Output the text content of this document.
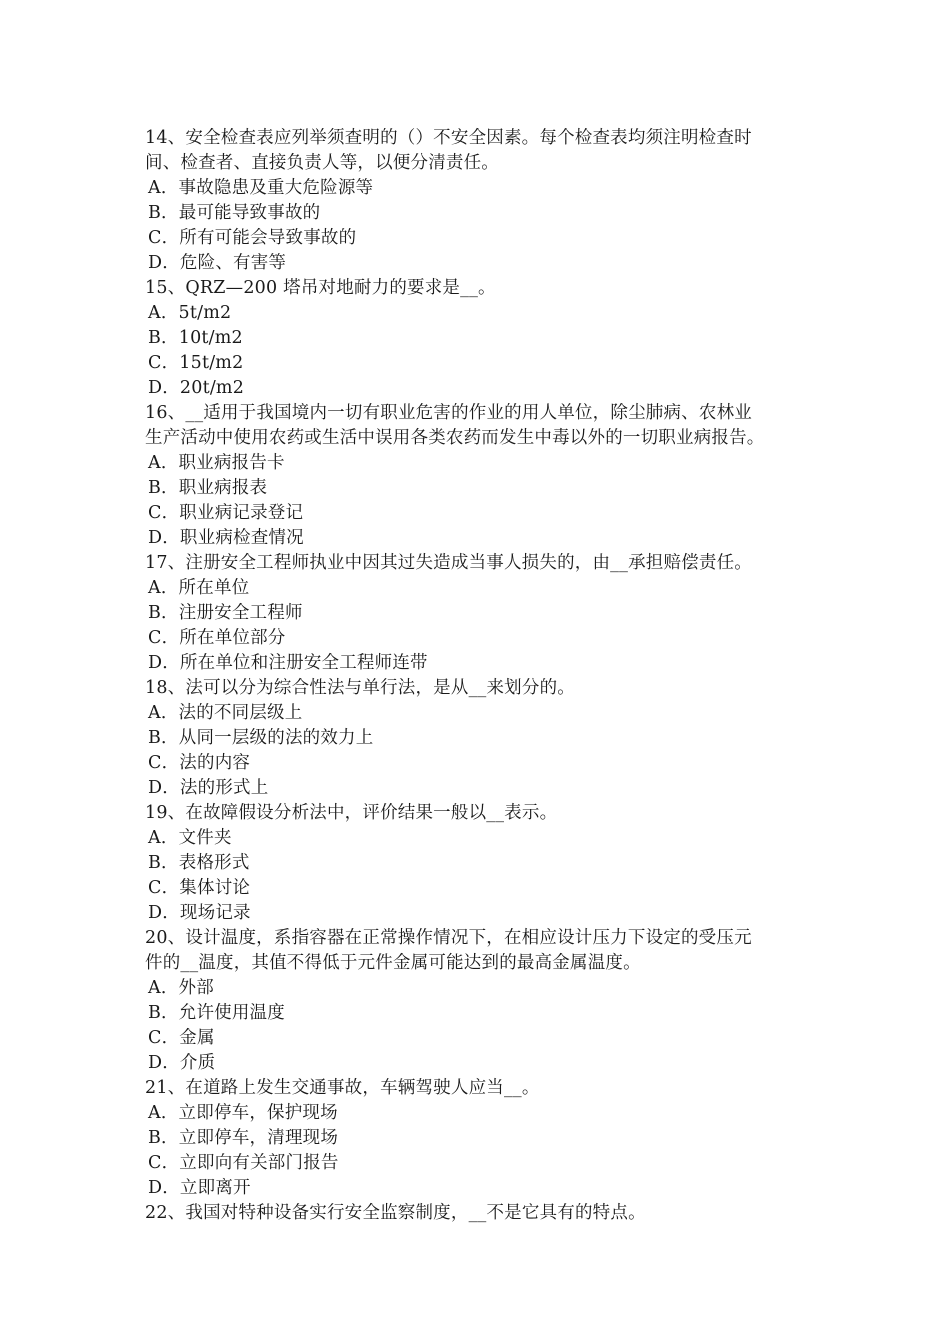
14、安全检查表应列举须查明的（）不安全因素。每个检查表均须注明检查时
间、检查者、直接负责人等，以便分清责任。
A．事故隐患及重大危险源等
B．最可能导致事故的
C．所有可能会导致事故的
D．危险、有害等
15、QRZ—200 塔吊对地耐力的要求是__。
A．5t/m2
B．10t/m2
C．15t/m2
D．20t/m2
16、__适用于我国境内一切有职业危害的作业的用人单位，除尘肺病、农林业
生产活动中使用农药或生活中误用各类农药而发生中毒以外的一切职业病报告。
A．职业病报告卡
B．职业病报表
C．职业病记录登记
D．职业病检查情况
17、注册安全工程师执业中因其过失造成当事人损失的，由__承担赔偿责任。
A．所在单位
B．注册安全工程师
C．所在单位部分
D．所在单位和注册安全工程师连带
18、法可以分为综合性法与单行法，是从__来划分的。
A．法的不同层级上
B．从同一层级的法的效力上
C．法的内容
D．法的形式上
19、在故障假设分析法中，评价结果一般以__表示。
A．文件夹
B．表格形式
C．集体讨论
D．现场记录
20、设计温度，系指容器在正常操作情况下，在相应设计压力下设定的受压元
件的__温度，其值不得低于元件金属可能达到的最高金属温度。
A．外部
B．允许使用温度
C．金属
D．介质
21、在道路上发生交通事故，车辆驾驶人应当__。
A．立即停车，保护现场
B．立即停车，清理现场
C．立即向有关部门报告
D．立即离开
22、我国对特种设备实行安全监察制度，__不是它具有的特点。
